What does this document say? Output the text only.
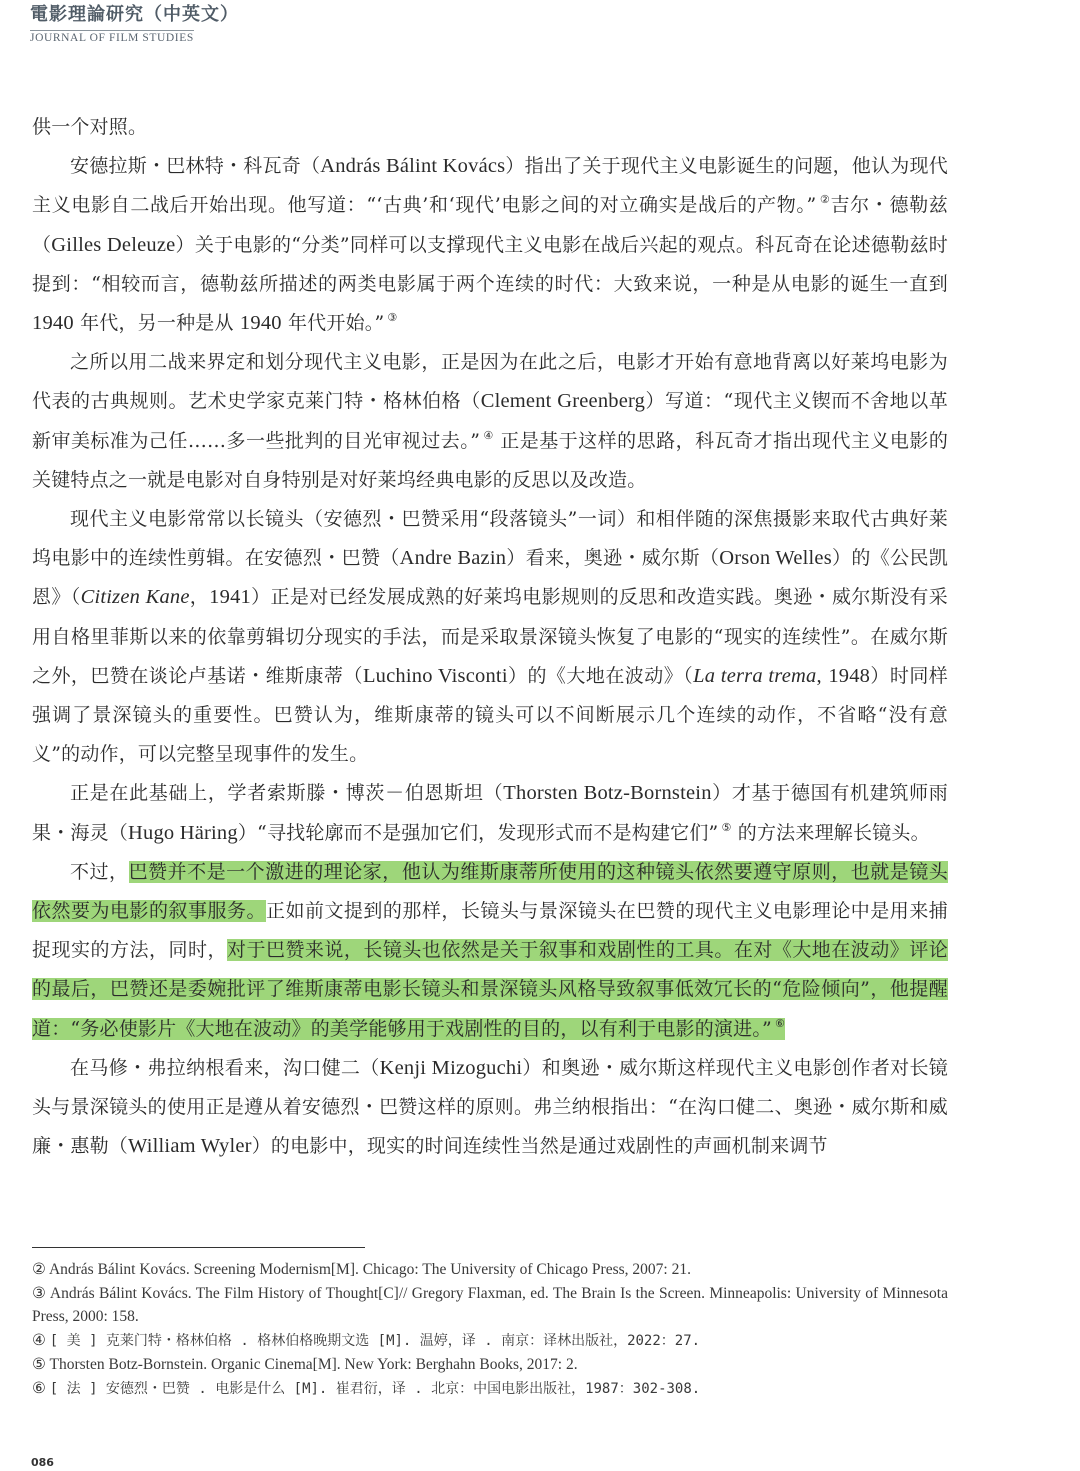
電影理論研究（中英文）
JOURNAL OF FILM STUDIES

供一个对照。

安德拉斯・巴林特・科瓦奇（András Bálint Kovács）指出了关于现代主义电影诞生的问题，他认为现代主义电影自二战后开始出现。他写道：“‘古典’和‘现代’电影之间的对立确实是战后的产物。” ②吉尔・德勒兹（Gilles Deleuze）关于电影的“分类”同样可以支撑现代主义电影在战后兴起的观点。科瓦奇在论述德勒兹时提到：“相较而言，德勒兹所描述的两类电影属于两个连续的时代：大致来说，一种是从电影的诞生一直到 1940 年代，另一种是从 1940 年代开始。” ③

之所以用二战来界定和划分现代主义电影，正是因为在此之后，电影才开始有意地背离以好莱坞电影为代表的古典规则。艺术史学家克莱门特・格林伯格（Clement Greenberg）写道：“现代主义锲而不舍地以革新审美标准为己任……多一些批判的目光审视过去。” ④ 正是基于这样的思路，科瓦奇才指出现代主义电影的关键特点之一就是电影对自身特别是对好莱坞经典电影的反思以及改造。

现代主义电影常常以长镜头（安德烈・巴赞采用“段落镜头”一词）和相伴随的深焦摄影来取代古典好莱坞电影中的连续性剪辑。在安德烈・巴赞（Andre Bazin）看来，奥逊・威尔斯（Orson Welles）的《公民凯恩》（Citizen Kane，1941）正是对已经发展成熟的好莱坞电影规则的反思和改造实践。奥逊・威尔斯没有采用自格里菲斯以来的依靠剪辑切分现实的手法，而是采取景深镜头恢复了电影的“现实的连续性”。在威尔斯之外，巴赞在谈论卢基诺・维斯康蒂（Luchino Visconti）的《大地在波动》（La terra trema, 1948）时同样强调了景深镜头的重要性。巴赞认为，维斯康蒂的镜头可以不间断展示几个连续的动作，不省略“没有意义”的动作，可以完整呈现事件的发生。

正是在此基础上，学者索斯滕・博茨－伯恩斯坦（Thorsten Botz-Bornstein）才基于德国有机建筑师雨果・海灵（Hugo Häring）“寻找轮廓而不是强加它们，发现形式而不是构建它们” ⑤ 的方法来理解长镜头。

不过，巴赞并不是一个激进的理论家，他认为维斯康蒂所使用的这种镜头依然要遵守原则，也就是镜头依然要为电影的叙事服务。正如前文提到的那样，长镜头与景深镜头在巴赞的现代主义电影理论中是用来捕捉现实的方法，同时，对于巴赞来说，长镜头也依然是关于叙事和戏剧性的工具。在对《大地在波动》评论的最后，巴赞还是委婉批评了维斯康蒂电影长镜头和景深镜头风格导致叙事低效冗长的“危险倾向”，他提醒道：“务必使影片《大地在波动》的美学能够用于戏剧性的目的，以有利于电影的演进。” ⑥

在马修・弗拉纳根看来，沟口健二（Kenji Mizoguchi）和奥逊・威尔斯这样现代主义电影创作者对长镜头与景深镜头的使用正是遵从着安德烈・巴赞这样的原则。弗兰纳根指出：“在沟口健二、奥逊・威尔斯和威廉・惠勒（William Wyler）的电影中，现实的时间连续性当然是通过戏剧性的声画机制来调节

② András Bálint Kovács. Screening Modernism[M]. Chicago: The University of Chicago Press, 2007: 21.

③ András Bálint Kovács. The Film History of Thought[C]// Gregory Flaxman, ed. The Brain Is the Screen. Minneapolis: University of Minnesota Press, 2000: 158.

④ [ 美 ] 克莱门特・格林伯格 . 格林伯格晚期文选 [M]. 温婷，译 . 南京：译林出版社，2022：27.

⑤ Thorsten Botz-Bornstein. Organic Cinema[M]. New York: Berghahn Books, 2017: 2.

⑥ [ 法 ] 安德烈・巴赞 . 电影是什么 [M]. 崔君衍，译 . 北京：中国电影出版社，1987：302-308.

086
